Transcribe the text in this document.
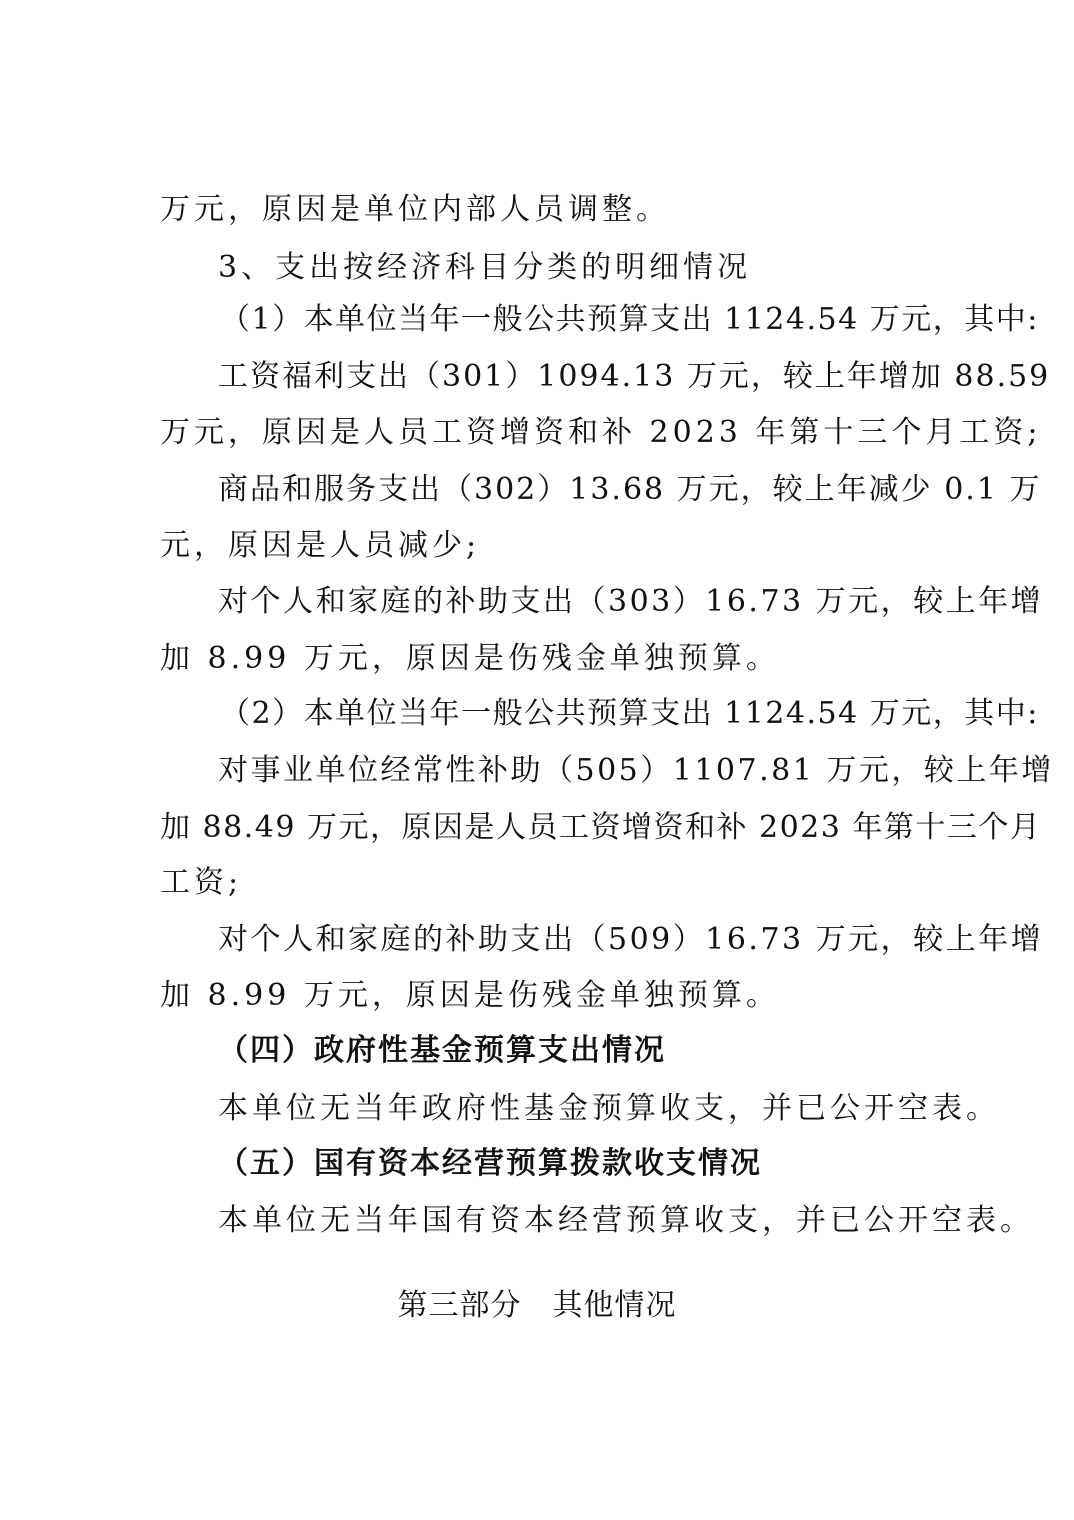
万元，原因是单位内部人员调整。
3、支出按经济科目分类的明细情况
（1）本单位当年一般公共预算支出 1124.54 万元，其中:
工资福利支出（301）1094.13 万元，较上年增加 88.59
万元，原因是人员工资增资和补 2023 年第十三个月工资;
商品和服务支出（302）13.68 万元，较上年减少 0.1 万
元，原因是人员减少;
对个人和家庭的补助支出（303）16.73 万元，较上年增
加 8.99 万元，原因是伤残金单独预算。
（2）本单位当年一般公共预算支出 1124.54 万元，其中:
对事业单位经常性补助（505）1107.81 万元，较上年增
加 88.49 万元，原因是人员工资增资和补 2023 年第十三个月
工资;
对个人和家庭的补助支出（509）16.73 万元，较上年增
加 8.99 万元，原因是伤残金单独预算。
（四）政府性基金预算支出情况
本单位无当年政府性基金预算收支，并已公开空表。
（五）国有资本经营预算拨款收支情况
本单位无当年国有资本经营预算收支，并已公开空表。
第三部分　其他情况
